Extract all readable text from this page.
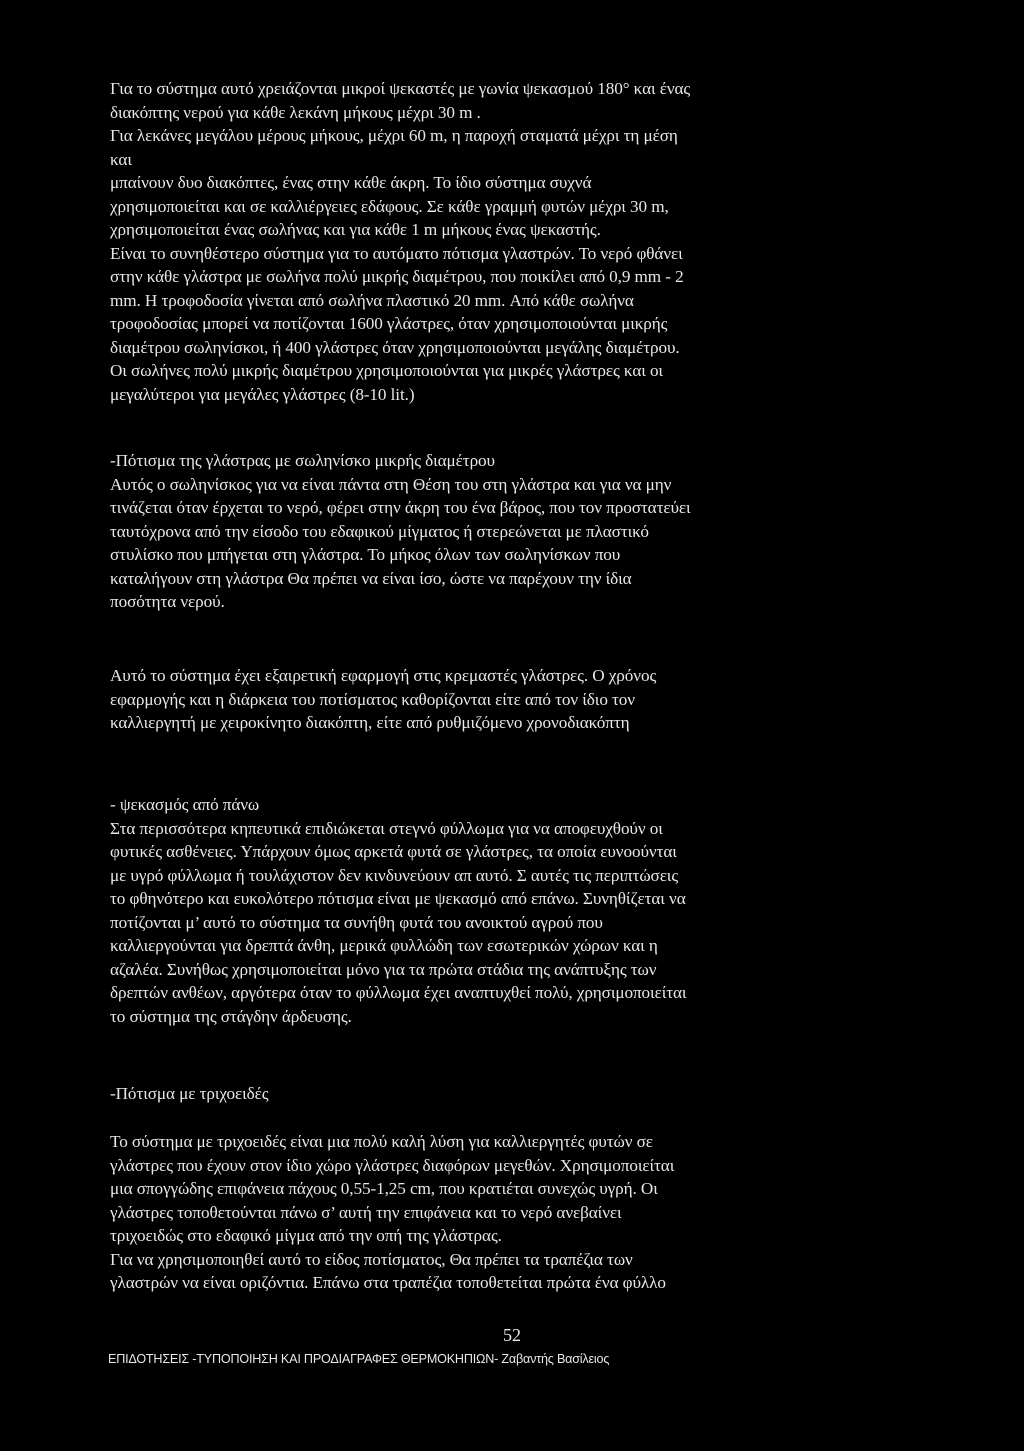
Για το σύστημα αυτό χρειάζονται μικροί ψεκαστές με γωνία ψεκασμού 180° και ένας
διακόπτης νερού για κάθε λεκάνη μήκους μέχρι 30 m .
Για λεκάνες μεγάλου μέρους μήκους, μέχρι 60 m, η παροχή σταματά μέχρι τη μέση
και
μπαίνουν δυο διακόπτες, ένας στην κάθε άκρη. Το ίδιο σύστημα συχνά
χρησιμοποιείται και σε καλλιέργειες εδάφους. Σε κάθε γραμμή φυτών μέχρι 30 m,
χρησιμοποιείται ένας σωλήνας και για κάθε 1 m μήκους ένας ψεκαστής.
Είναι το συνηθέστερο σύστημα για το αυτόματο πότισμα γλαστρών. Το νερό φθάνει
στην κάθε γλάστρα με σωλήνα πολύ μικρής διαμέτρου, που ποικίλει από 0,9 mm - 2
mm. Η τροφοδοσία γίνεται από σωλήνα πλαστικό 20 mm. Από κάθε σωλήνα
τροφοδοσίας μπορεί να ποτίζονται 1600 γλάστρες, όταν χρησιμοποιούνται μικρής
διαμέτρου σωληνίσκοι, ή 400 γλάστρες όταν χρησιμοποιούνται μεγάλης διαμέτρου.
Οι σωλήνες πολύ μικρής διαμέτρου χρησιμοποιούνται για μικρές γλάστρες και οι
μεγαλύτεροι για μεγάλες γλάστρες (8-10 lit.)
-Πότισμα της γλάστρας με σωληνίσκο μικρής διαμέτρου
Αυτός ο σωληνίσκος για να είναι πάντα στη Θέση του στη γλάστρα και για να μην
τινάζεται όταν έρχεται το νερό, φέρει στην άκρη του ένα βάρος, που τον προστατεύει
ταυτόχρονα από την είσοδο του εδαφικού μίγματος ή στερεώνεται με πλαστικό
στυλίσκο που μπήγεται στη γλάστρα. Το μήκος όλων των σωληνίσκων που
καταλήγουν στη γλάστρα Θα πρέπει να είναι ίσο, ώστε να παρέχουν την ίδια
ποσότητα νερού.
Αυτό το σύστημα έχει εξαιρετική εφαρμογή στις κρεμαστές γλάστρες. Ο χρόνος
εφαρμογής και η διάρκεια του ποτίσματος καθορίζονται είτε από τον ίδιο τον
καλλιεργητή με χειροκίνητο διακόπτη, είτε από ρυθμιζόμενο χρονοδιακόπτη
- ψεκασμός από πάνω
Στα περισσότερα κηπευτικά επιδιώκεται στεγνό φύλλωμα για να αποφευχθούν οι
φυτικές ασθένειες. Υπάρχουν όμως αρκετά φυτά σε γλάστρες, τα οποία ευνοούνται
με υγρό φύλλωμα ή τουλάχιστον δεν κινδυνεύουν απ αυτό. Σ αυτές τις περιπτώσεις
το φθηνότερο και ευκολότερο πότισμα είναι με ψεκασμό από επάνω. Συνηθίζεται να
ποτίζονται μ’ αυτό το σύστημα τα συνήθη φυτά του ανοικτού αγρού που
καλλιεργούνται για δρεπτά άνθη, μερικά φυλλώδη των εσωτερικών χώρων και η
αζαλέα. Συνήθως χρησιμοποιείται μόνο για τα πρώτα στάδια της ανάπτυξης των
δρεπτών ανθέων, αργότερα όταν το φύλλωμα έχει αναπτυχθεί πολύ, χρησιμοποιείται
το σύστημα της στάγδην άρδευσης.
-Πότισμα με τριχοειδές
Το σύστημα με τριχοειδές είναι μια πολύ καλή λύση για καλλιεργητές φυτών σε
γλάστρες που έχουν στον ίδιο χώρο γλάστρες διαφόρων μεγεθών. Χρησιμοποιείται
μια σπογγώδης επιφάνεια πάχους 0,55-1,25 cm, που κρατιέται συνεχώς υγρή. Οι
γλάστρες τοποθετούνται πάνω σ’ αυτή την επιφάνεια και το νερό ανεβαίνει
τριχοειδώς στο εδαφικό μίγμα από την οπή της γλάστρας.
Για να χρησιμοποιηθεί αυτό το είδος ποτίσματος, Θα πρέπει τα τραπέζια των
γλαστρών να είναι οριζόντια. Επάνω στα τραπέζια τοποθετείται πρώτα ένα φύλλο
52
ΕΠΙΔΟΤΗΣΕΙΣ -ΤΥΠΟΠΟΙΗΣΗ ΚΑΙ ΠΡΟΔΙΑΓΡΑΦΕΣ ΘΕΡΜΟΚΗΠΙΩΝ- Ζαβαντής Βασίλειος
